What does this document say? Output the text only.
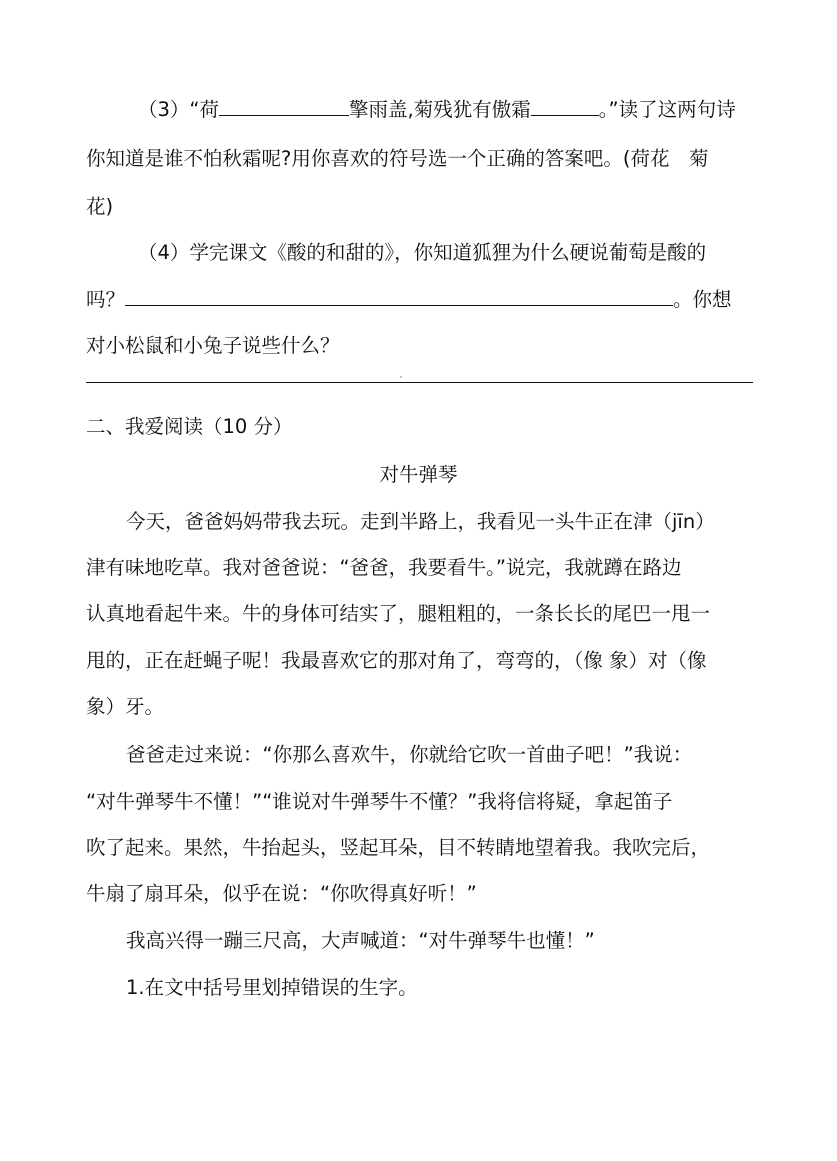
（3）“荷	擎雨盖,菊残犹有傲霜	。”读了这两句诗
你知道是谁不怕秋霜呢?用你喜欢的符号选一个正确的答案吧。(荷花　菊
花)
（4）学完课文《酸的和甜的》，你知道狐狸为什么硬说葡萄是酸的
吗？	。你想
对小松鼠和小兔子说些什么？
二、我爱阅读（10 分）
对牛弹琴
今天，爸爸妈妈带我去玩。走到半路上，我看见一头牛正在津（jīn）
津有味地吃草。我对爸爸说：“爸爸，我要看牛。”说完，我就蹲在路边
认真地看起牛来。牛的身体可结实了，腿粗粗的，一条长长的尾巴一甩一
甩的，正在赶蝇子呢！我最喜欢它的那对角了，弯弯的，（像 象）对（像
象）牙。
爸爸走过来说：“你那么喜欢牛，你就给它吹一首曲子吧！”我说：
“对牛弹琴牛不懂！”“谁说对牛弹琴牛不懂？”我将信将疑，拿起笛子
吹了起来。果然，牛抬起头，竖起耳朵，目不转睛地望着我。我吹完后，
牛扇了扇耳朵，似乎在说：“你吹得真好听！”
我高兴得一蹦三尺高，大声喊道：“对牛弹琴牛也懂！”
1.在文中括号里划掉错误的生字。
